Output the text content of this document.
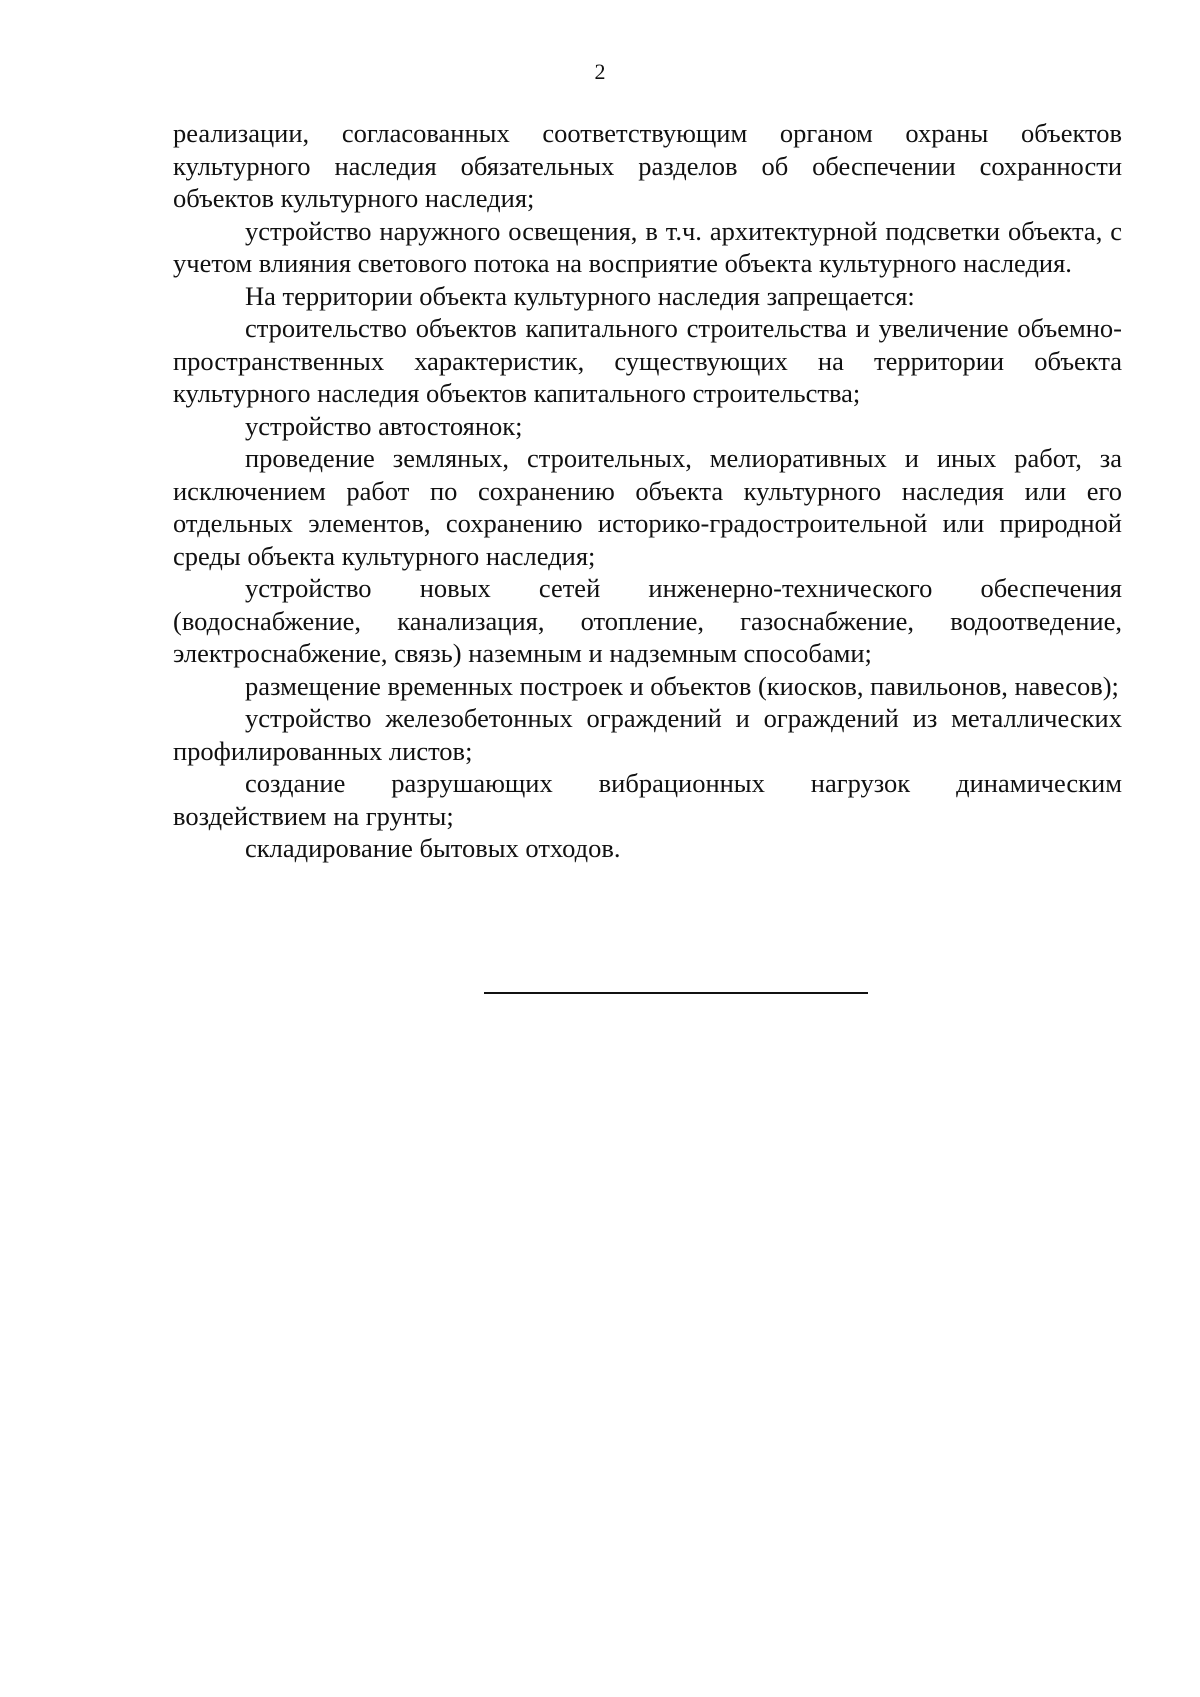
2

реализации, согласованных соответствующим органом охраны объектов культурного наследия обязательных разделов об обеспечении сохранности объектов культурного наследия;

устройство наружного освещения, в т.ч. архитектурной подсветки объекта, с учетом влияния светового потока на восприятие объекта культурного наследия.

На территории объекта культурного наследия запрещается:

строительство объектов капитального строительства и увеличение объемно-пространственных характеристик, существующих на территории объекта культурного наследия объектов капитального строительства;

устройство автостоянок;

проведение земляных, строительных, мелиоративных и иных работ, за исключением работ по сохранению объекта культурного наследия или его отдельных элементов, сохранению историко-градостроительной или природной среды объекта культурного наследия;

устройство новых сетей инженерно-технического обеспечения (водоснабжение, канализация, отопление, газоснабжение, водоотведение, электроснабжение, связь) наземным и надземным способами;

размещение временных построек и объектов (киосков, павильонов, навесов);

устройство железобетонных ограждений и ограждений из металлических профилированных листов;

создание разрушающих вибрационных нагрузок динамическим воздействием на грунты;

складирование бытовых отходов.
